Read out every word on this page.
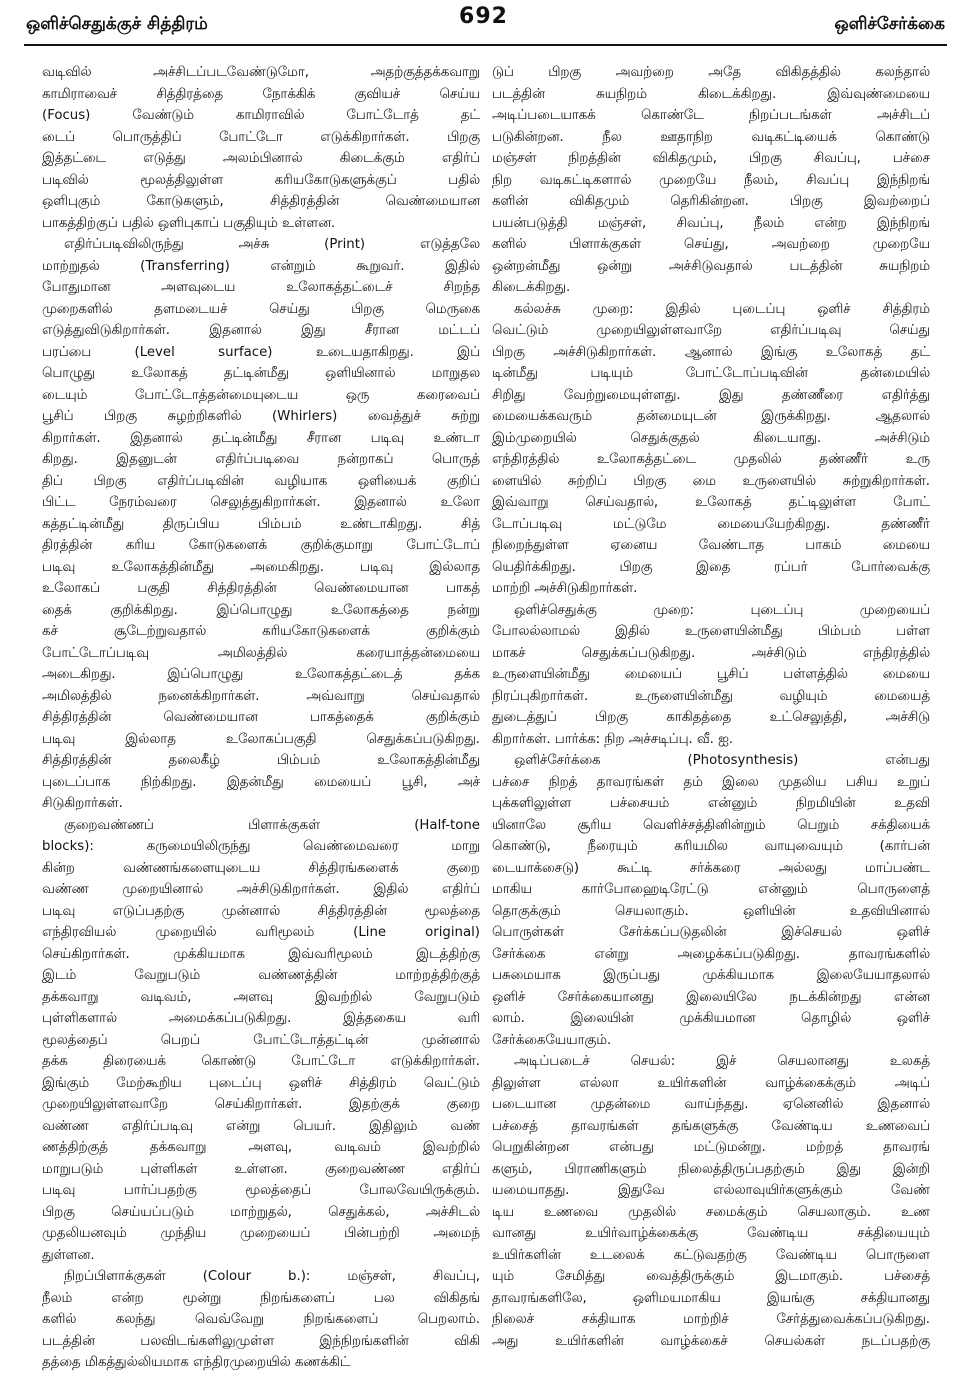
ஒளிச்செதுக்குச் சித்திரம்	ஒளிச்சேர்க்கை
692
வடிவில் அச்சிடப்படவேண்டுமோ, அதற்குத்தக்கவாறு
காமிராவைச் சித்திரத்தை நோக்கிக் குவியச் செய்ய
(Focus) வேண்டும் காமிராவில் போட்டோத் தட்
டைப் பொருத்திப் போட்டோ எடுக்கிறார்கள். பிறகு
இத்தட்டை எடுத்து அலம்பினால் கிடைக்கும் எதிர்ப்
படிவில் மூலத்திலுள்ள கரியகோடுகளுக்குப் பதில்
ஒளிபுகும் கோடுகளும், சித்திரத்தின் வெண்மையான
பாகத்திற்குப் பதில் ஒளிபுகாப் பகுதியும் உள்ளன.
எதிர்ப்படிவிலிருந்து அச்சு (Print) எடுத்தலே
மாற்றுதல் (Transferring) என்றும் கூறுவர். இதில்
போதுமான அளவுடைய உலோகத்தட்டைச் சிறந்த
முறைகளில் தளமடையச் செய்து பிறகு மெருகை
எடுத்துவிடுகிறார்கள். இதனால் இது சீரான மட்டப்
பரப்பை (Level surface) உடையதாகிறது. இப்
பொழுது உலோகத் தட்டின்மீது ஒளியினால் மாறுதல
டையும் போட்டோத்தன்மையுடைய ஒரு கரைவைப்
பூசிப் பிறகு சுழற்றிகளில் (Whirlers) வைத்துச் சுற்று
கிறார்கள். இதனால் தட்டின்மீது சீரான படிவு உண்டா
கிறது. இதனுடன் எதிர்ப்படிவை நன்றாகப் பொருத்
திப் பிறகு எதிர்ப்படிவின் வழியாக ஒளியைக் குறிப்
பிட்ட நேரம்வரை செலுத்துகிறார்கள். இதனால் உலோ
கத்தட்டின்மீது திருப்பிய பிம்பம் உண்டாகிறது. சித்
திரத்தின் கரிய கோடுகளைக் குறிக்குமாறு போட்டோப்
படிவு உலோகத்தின்மீது அமைகிறது. படிவு இல்லாத
உலோகப் பகுதி சித்திரத்தின் வெண்மையான பாகத்
தைக் குறிக்கிறது. இப்பொழுது உலோகத்தை நன்று
கச் சூடேற்றுவதால் கரியகோடுகளைக் குறிக்கும்
போட்டோப்படிவு அமிலத்தில் கரையாத்தன்மையை
அடைகிறது. இப்பொழுது உலோகத்தட்டைத் தக்க
அமிலத்தில் நனைக்கிறார்கள். அவ்வாறு செய்வதால்
சித்திரத்தின் வெண்மையான பாகத்தைக் குறிக்கும்
படிவு இல்லாத உலோகப்பகுதி செதுக்கப்படுகிறது.
சித்திரத்தின் தலைகீழ் பிம்பம் உலோகத்தின்மீது
புடைப்பாக நிற்கிறது. இதன்மீது மையைப் பூசி, அச்
சிடுகிறார்கள்.
குறைவண்ணப் பிளாக்குகள் (Half-tone
blocks): கருமையிலிருந்து வெண்மைவரை மாறு
கின்ற வண்ணங்களையுடைய சித்திரங்களைக் குறை
வண்ண முறையினால் அச்சிடுகிறார்கள். இதில் எதிர்ப்
படிவு எடுப்பதற்கு முன்னால் சித்திரத்தின் மூலத்தை
எந்திரவியல் முறையில் வரிமூலம் (Line original)
செய்கிறார்கள். முக்கியமாக இவ்வரிமூலம் இடத்திற்கு
இடம் வேறுபடும் வண்ணத்தின் மாற்றத்திற்குத்
தக்கவாறு வடிவம், அளவு இவற்றில் வேறுபடும்
புள்ளிகளால் அமைக்கப்படுகிறது. இத்தகைய வரி
மூலத்தைப் பெறப் போட்டோத்தட்டின் முன்னால்
தக்க திரையைக் கொண்டு போட்டோ எடுக்கிறார்கள்.
இங்கும் மேற்கூறிய புடைப்பு ஒளிச் சித்திரம் வெட்டும்
முறையிலுள்ளவாறே செய்கிறார்கள். இதற்குக் குறை
வண்ண எதிர்ப்படிவு என்று பெயர். இதிலும் வண்
ணத்திற்குத் தக்கவாறு அளவு, வடிவம் இவற்றில்
மாறுபடும் புள்ளிகள் உள்ளன. குறைவண்ண எதிர்ப்
படிவு பார்ப்பதற்கு மூலத்தைப் போலவேயிருக்கும்.
பிறகு செய்யப்படும் மாற்றுதல், செதுக்கல், அச்சிடல்
முதலியனவும் முந்திய முறையைப் பின்பற்றி அமைந்
துள்ளன.
நிறப்பிளாக்குகள் (Colour b.): மஞ்சள், சிவப்பு,
நீலம் என்ற மூன்று நிறங்களைப் பல விகிதங்
களில் கலந்து வெவ்வேறு நிறங்களைப் பெறலாம்.
படத்தின் பலவிடங்களிலுமுள்ள இந்நிறங்களின் விகி
தத்தை மிகத்துல்லியமாக எந்திரமுறையில் கணக்கிட்
டுப் பிறகு அவற்றை அதே விகிதத்தில் கலந்தால்
படத்தின் சுயநிறம் கிடைக்கிறது. இவ்வுண்மையை
அடிப்படையாகக் கொண்டே நிறப்படங்கள் அச்சிடப்
படுகின்றன. நீல ஊதாநிற வடிகட்டியைக் கொண்டு
மஞ்சள் நிறத்தின் விகிதமும், பிறகு சிவப்பு, பச்சை
நிற வடிகட்டிகளால் முறையே நீலம், சிவப்பு இந்நிறங்
களின் விகிதமும் தெரிகின்றன. பிறகு இவற்றைப்
பயன்படுத்தி மஞ்சள், சிவப்பு, நீலம் என்ற இந்நிறங்
களில் பிளாக்குகள் செய்து, அவற்றை முறையே
ஒன்றன்மீது ஒன்று அச்சிடுவதால் படத்தின் சுயநிறம்
கிடைக்கிறது.
கல்லச்சு முறை: இதில் புடைப்பு ஒளிச் சித்திரம்
வெட்டும் முறையிலுள்ளவாறே எதிர்ப்படிவு செய்து
பிறகு அச்சிடுகிறார்கள். ஆனால் இங்கு உலோகத் தட்
டின்மீது படியும் போட்டோப்படிவின் தன்மையில்
சிறிது வேற்றுமையுள்ளது. இது தண்ணீரை எதிர்த்து
மையைக்கவரும் தன்மையுடன் இருக்கிறது. ஆதலால்
இம்முறையில் செதுக்குதல் கிடையாது. அச்சிடும்
எந்திரத்தில் உலோகத்தட்டை முதலில் தண்ணீர் உரு
ளையில் சுற்றிப் பிறகு மை உருளையில் சுற்றுகிறார்கள்.
இவ்வாறு செய்வதால், உலோகத் தட்டிலுள்ள போட்
டோப்படிவு மட்டுமே மையையேற்கிறது. தண்ணீர்
நிறைந்துள்ள ஏனைய வேண்டாத பாகம் மையை
யெதிர்க்கிறது. பிறகு இதை ரப்பர் போர்வைக்கு
மாற்றி அச்சிடுகிறார்கள்.
ஒளிச்செதுக்கு முறை: புடைப்பு முறையைப்
போலல்லாமல் இதில் உருளையின்மீது பிம்பம் பள்ள
மாகச் செதுக்கப்படுகிறது. அச்சிடும் எந்திரத்தில்
உருளையின்மீது மையைப் பூசிப் பள்ளத்தில் மையை
நிரப்புகிறார்கள். உருளையின்மீது வழியும் மையைத்
துடைத்துப் பிறகு காகிதத்தை உட்செலுத்தி, அச்சிடு
கிறார்கள். பார்க்க: நிற அச்சடிப்பு. வீ. ஐ.
ஒளிச்சேர்க்கை (Photosynthesis) என்பது
பச்சை நிறத் தாவரங்கள் தம் இலை முதலிய பசிய உறுப்
புக்களிலுள்ள பச்சையம் என்னும் நிறமியின் உதவி
யினாலே சூரிய வெளிச்சத்தினின்றும் பெறும் சக்தியைக்
கொண்டு, நீரையும் கரியமில வாயுவையும் (கார்பன்
டையாக்சைடு) கூட்டி சர்க்கரை அல்லது மாப்பண்ட
மாகிய கார்போஹைடிரேட்டு என்னும் பொருளைத்
தொகுக்கும் செயலாகும். ஒளியின் உதவியினால்
பொருள்கள் சேர்க்கப்படுதலின் இச்செயல் ஒளிச்
சேர்க்கை என்று அழைக்கப்படுகிறது. தாவரங்களில்
பசுமையாக இருப்பது முக்கியமாக இலையேயாதலால்
ஒளிச் சேர்க்கையானது இலையிலே நடக்கின்றது என்ன
லாம். இலையின் முக்கியமான தொழில் ஒளிச்
சேர்க்கையேயாகும்.
அடிப்படைச் செயல்: இச் செயலானது உலகத்
திலுள்ள எல்லா உயிர்களின் வாழ்க்கைக்கும் அடிப்
படையான முதன்மை வாய்ந்தது. ஏனெனில் இதனால்
பச்சைத் தாவரங்கள் தங்களுக்கு வேண்டிய உணவைப்
பெறுகின்றன என்பது மட்டுமன்று. மற்றத் தாவரங்
களும், பிராணிகளும் நிலைத்திருப்பதற்கும் இது இன்றி
யமையாதது. இதுவே எல்லாவுயிர்களுக்கும் வேண்
டிய உணவை முதலில் சமைக்கும் செயலாகும். உண
வானது உயிர்வாழ்க்கைக்கு வேண்டிய சக்தியையும்
உயிர்களின் உடலைக் கட்டுவதற்கு வேண்டிய பொருளை
யும் சேமித்து வைத்திருக்கும் இடமாகும். பச்சைத்
தாவரங்களிலே, ஒளிமயமாகிய இயங்கு சக்தியானது
நிலைச் சக்தியாக மாற்றிச் சேர்த்துவைக்கப்படுகிறது.
அது உயிர்களின் வாழ்க்கைச் செயல்கள் நடப்பதற்கு
